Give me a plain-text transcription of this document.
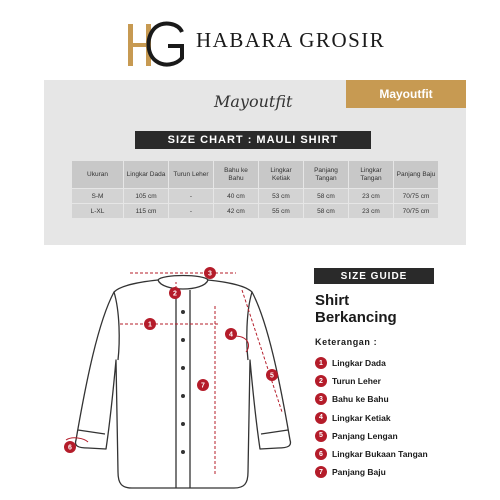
HABARA GROSIR
Mayoutfit
Mayoutfit
SIZE CHART : MAULI SHIRT
Ukuran	Lingkar Dada	Turun Leher	Bahu ke Bahu	Lingkar Ketiak	Panjang Tangan	Lingkar Tangan	Panjang Baju
S-M	105 cm	-	40 cm	53 cm	58 cm	23 cm	70/75 cm
L-XL	115 cm	-	42 cm	55 cm	58 cm	23 cm	70/75 cm
3
2
1
4
7
5
6
SIZE GUIDE
Shirt
Berkancing
Keterangan :
1	Lingkar Dada
2	Turun Leher
3	Bahu ke Bahu
4	Lingkar Ketiak
5	Panjang Lengan
6	Lingkar Bukaan Tangan
7	Panjang Baju
